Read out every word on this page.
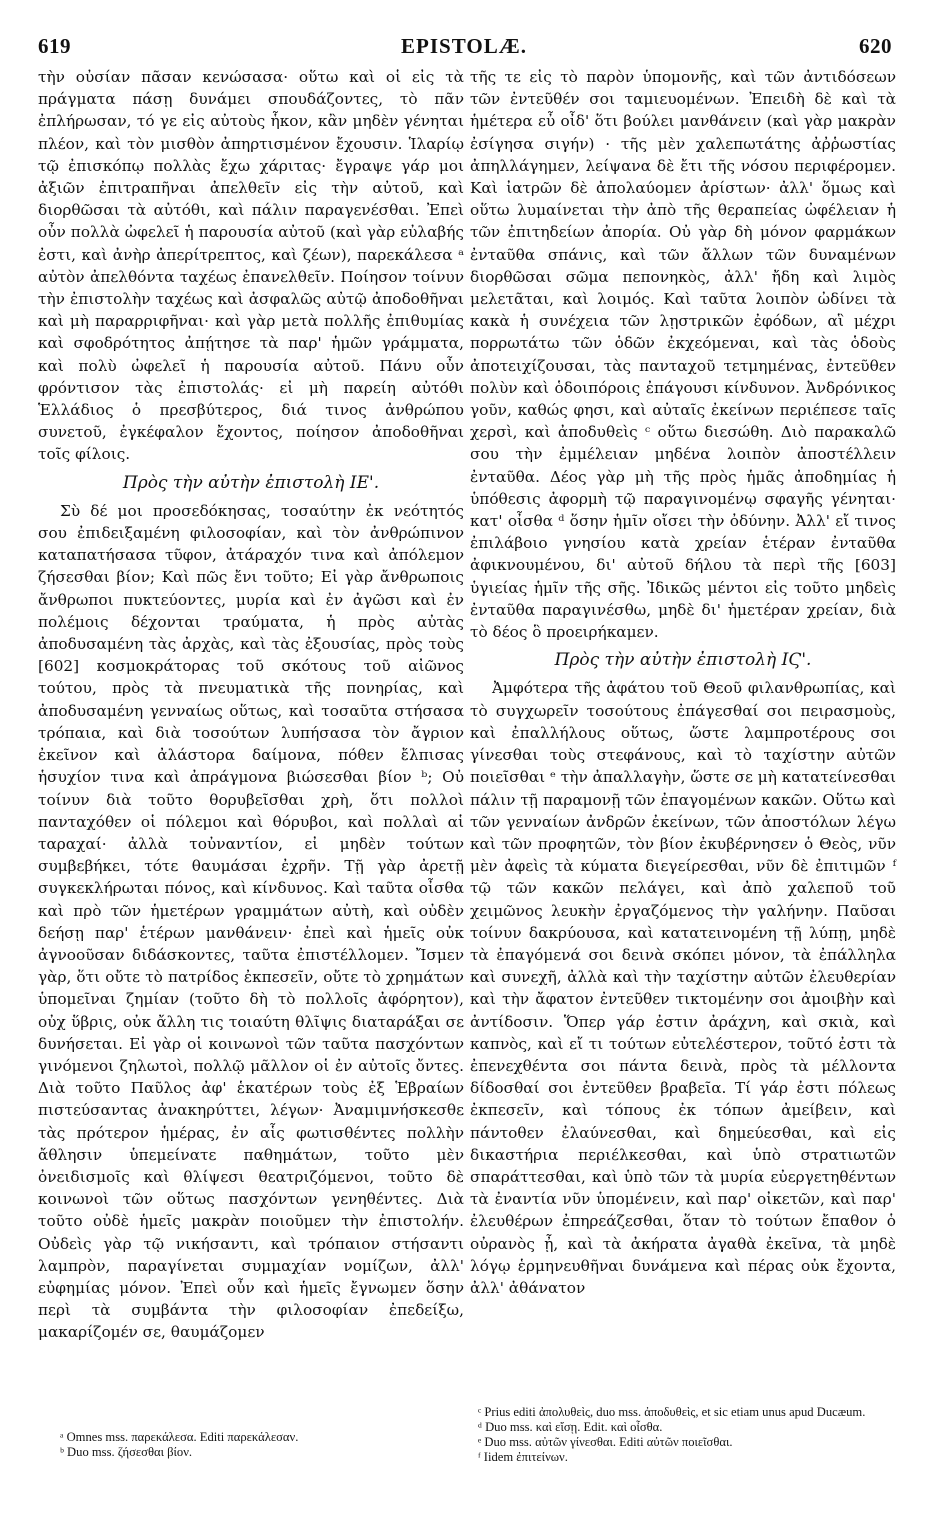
619	EPISTOLÆ.	620

τὴν οὐσίαν πᾶσαν κενώσασα· οὕτω καὶ οἱ εἰς τὰ πράγματα πάσῃ δυνάμει σπουδάζοντες, τὸ πᾶν ἐπλήρωσαν, τό γε εἰς αὐτοὺς ἧκον, κἂν μηδὲν γένηται πλέον, καὶ τὸν μισθὸν ἀπηρτισμένον ἔχουσιν. Ἱλαρίῳ τῷ ἐπισκόπῳ πολλὰς ἔχω χάριτας· ἔγραψε γάρ μοι ἀξιῶν ἐπιτραπῆναι ἀπελθεῖν εἰς τὴν αὐτοῦ, καὶ διορθῶσαι τὰ αὐτόθι, καὶ πάλιν παραγενέσθαι. Ἐπεὶ οὖν πολλὰ ὠφελεῖ ἡ παρουσία αὐτοῦ (καὶ γὰρ εὐλαβής ἐστι, καὶ ἀνὴρ ἀπερίτρεπτος, καὶ ζέων), παρεκάλεσα ᵃ αὐτὸν ἀπελθόντα ταχέως ἐπανελθεῖν. Ποίησον τοίνυν τὴν ἐπιστολὴν ταχέως καὶ ἀσφαλῶς αὐτῷ ἀποδοθῆναι καὶ μὴ παραρριφῆναι· καὶ γὰρ μετὰ πολλῆς ἐπιθυμίας καὶ σφοδρότητος ἀπῄτησε τὰ παρ' ἡμῶν γράμματα, καὶ πολὺ ὠφελεῖ ἡ παρουσία αὐτοῦ. Πάνυ οὖν φρόντισον τὰς ἐπιστολάς· εἰ μὴ παρείη αὐτόθι Ἑλλάδιος ὁ πρεσβύτερος, διά τινος ἀνθρώπου συνετοῦ, ἐγκέφαλον ἔχοντος, ποίησον ἀποδοθῆναι τοῖς φίλοις.

Πρὸς τὴν αὐτὴν ἐπιστολὴ ΙΕ'.

Σὺ δέ μοι προσεδόκησας, τοσαύτην ἐκ νεότητός σου ἐπιδειξαμένη φιλοσοφίαν, καὶ τὸν ἀνθρώπινον καταπατήσασα τῦφον, ἀτάραχόν τινα καὶ ἀπόλεμον ζήσεσθαι βίον; Καὶ πῶς ἔνι τοῦτο; Εἰ γὰρ ἄνθρωποις ἄνθρωποι πυκτεύοντες, μυρία καὶ ἐν ἀγῶσι καὶ ἐν πολέμοις δέχονται τραύματα, ἡ πρὸς αὐτὰς ἀποδυσαμένη τὰς ἀρχὰς, καὶ τὰς ἐξουσίας, πρὸς τοὺς [602] κοσμοκράτορας τοῦ σκότους τοῦ αἰῶνος τούτου, πρὸς τὰ πνευματικὰ τῆς πονηρίας, καὶ ἀποδυσαμένη γενναίως οὕτως, καὶ τοσαῦτα στήσασα τρόπαια, καὶ διὰ τοσούτων λυπήσασα τὸν ἄγριον ἐκεῖνον καὶ ἀλάστορα δαίμονα, πόθεν ἔλπισας ἡσυχίον τινα καὶ ἀπράγμονα βιώσεσθαι βίον ᵇ; Οὐ τοίνυν διὰ τοῦτο θορυβεῖσθαι χρὴ, ὅτι πολλοὶ πανταχόθεν οἱ πόλεμοι καὶ θόρυβοι, καὶ πολλαὶ αἱ ταραχαί· ἀλλὰ τοὐναντίον, εἰ μηδὲν τούτων συμβεβήκει, τότε θαυμάσαι ἐχρῆν. Τῇ γὰρ ἀρετῇ συγκεκλήρωται πόνος, καὶ κίνδυνος. Καὶ ταῦτα οἶσθα καὶ πρὸ τῶν ἡμετέρων γραμμάτων αὐτὴ, καὶ οὐδὲν δεήσῃ παρ' ἑτέρων μανθάνειν· ἐπεὶ καὶ ἡμεῖς οὐκ ἀγνοοῦσαν διδάσκοντες, ταῦτα ἐπιστέλλομεν. Ἴσμεν γὰρ, ὅτι οὔτε τὸ πατρίδος ἐκπεσεῖν, οὔτε τὸ χρημάτων ὑπομεῖναι ζημίαν (τοῦτο δὴ τὸ πολλοῖς ἀφόρητον), οὐχ ὕβρις, οὐκ ἄλλη τις τοιαύτη θλῖψις διαταράξαι σε δυνήσεται. Εἰ γὰρ οἱ κοινωνοὶ τῶν ταῦτα πασχόντων γινόμενοι ζηλωτοὶ, πολλῷ μᾶλλον οἱ ἐν αὐτοῖς ὄντες. Διὰ τοῦτο Παῦλος ἀφ' ἑκατέρων τοὺς ἐξ Ἑβραίων πιστεύσαντας ἀνακηρύττει, λέγων· Ἀναμιμνήσκεσθε τὰς πρότερον ἡμέρας, ἐν αἷς φωτισθέντες πολλὴν ἄθλησιν ὑπεμείνατε παθημάτων, τοῦτο μὲν ὀνειδισμοῖς καὶ θλίψεσι θεατριζόμενοι, τοῦτο δὲ κοινωνοὶ τῶν οὕτως πασχόντων γενηθέντες. Διὰ τοῦτο οὐδὲ ἡμεῖς μακρὰν ποιοῦμεν τὴν ἐπιστολήν. Οὐδεὶς γὰρ τῷ νικήσαντι, καὶ τρόπαιον στήσαντι λαμπρὸν, παραγίνεται συμμαχίαν νομίζων, ἀλλ' εὐφημίας μόνον. Ἐπεὶ οὖν καὶ ἡμεῖς ἔγνωμεν ὅσην περὶ τὰ συμβάντα τὴν φιλοσοφίαν ἐπεδείξω, μακαρίζομέν σε, θαυμάζομεν

τῆς τε εἰς τὸ παρὸν ὑπομονῆς, καὶ τῶν ἀντιδόσεων τῶν ἐντεῦθέν σοι ταμιευομένων. Ἐπειδὴ δὲ καὶ τὰ ἡμέτερα εὖ οἶδ' ὅτι βούλει μανθάνειν (καὶ γὰρ μακρὰν ἐσίγησα σιγήν) · τῆς μὲν χαλεπωτάτης ἀῤῥωστίας ἀπηλλάγημεν, λείψανα δὲ ἔτι τῆς νόσου περιφέρομεν. Καὶ ἰατρῶν δὲ ἀπολαύομεν ἀρίστων· ἀλλ' ὅμως καὶ οὕτω λυμαίνεται τὴν ἀπὸ τῆς θεραπείας ὠφέλειαν ἡ τῶν ἐπιτηδείων ἀπορία. Οὐ γὰρ δὴ μόνον φαρμάκων ἐνταῦθα σπάνις, καὶ τῶν ἄλλων τῶν δυναμένων διορθῶσαι σῶμα πεπονηκὸς, ἀλλ' ἤδη καὶ λιμὸς μελετᾶται, καὶ λοιμός. Καὶ ταῦτα λοιπὸν ὠδίνει τὰ κακὰ ἡ συνέχεια τῶν λῃστρικῶν ἐφόδων, αἳ μέχρι πορρωτάτω τῶν ὁδῶν ἐκχεόμεναι, καὶ τὰς ὁδοὺς ἀποτειχίζουσαι, τὰς πανταχοῦ τετμημένας, ἐντεῦθεν πολὺν καὶ ὁδοιπόροις ἐπάγουσι κίνδυνον. Ἀνδρόνικος γοῦν, καθώς φησι, καὶ αὐταῖς ἐκείνων περιέπεσε ταῖς χερσὶ, καὶ ἀποδυθεὶς ᶜ οὕτω διεσώθη. Διὸ παρακαλῶ σου τὴν ἐμμέλειαν μηδένα λοιπὸν ἀποστέλλειν ἐνταῦθα. Δέος γὰρ μὴ τῆς πρὸς ἡμᾶς ἀποδημίας ἡ ὑπόθεσις ἀφορμὴ τῷ παραγινομένῳ σφαγῆς γένηται· κατ' οἶσθα ᵈ ὅσην ἡμῖν οἴσει τὴν ὀδύνην. Ἀλλ' εἴ τινος ἐπιλάβοιο γνησίου κατὰ χρείαν ἑτέραν ἐνταῦθα ἀφικνουμένου, δι' αὐτοῦ δήλου τὰ περὶ τῆς [603] ὑγιείας ἡμῖν τῆς σῆς. Ἰδικῶς μέντοι εἰς τοῦτο μηδεὶς ἐνταῦθα παραγινέσθω, μηδὲ δι' ἡμετέραν χρείαν, διὰ τὸ δέος ὃ προειρήκαμεν.

Πρὸς τὴν αὐτὴν ἐπιστολὴ ΙϚ'.

Ἀμφότερα τῆς ἀφάτου τοῦ Θεοῦ φιλανθρωπίας, καὶ τὸ συγχωρεῖν τοσούτους ἐπάγεσθαί σοι πειρασμοὺς, καὶ ἐπαλλήλους οὕτως, ὥστε λαμπροτέρους σοι γίνεσθαι τοὺς στεφάνους, καὶ τὸ ταχίστην αὐτῶν ποιεῖσθαι ᵉ τὴν ἀπαλλαγὴν, ὥστε σε μὴ κατατείνεσθαι πάλιν τῇ παραμονῇ τῶν ἐπαγομένων κακῶν. Οὕτω καὶ τῶν γενναίων ἀνδρῶν ἐκείνων, τῶν ἀποστόλων λέγω καὶ τῶν προφητῶν, τὸν βίον ἐκυβέρνησεν ὁ Θεὸς, νῦν μὲν ἀφεὶς τὰ κύματα διεγείρεσθαι, νῦν δὲ ἐπιτιμῶν ᶠ τῷ τῶν κακῶν πελάγει, καὶ ἀπὸ χαλεποῦ τοῦ χειμῶνος λευκὴν ἐργαζόμενος τὴν γαλήνην. Παῦσαι τοίνυν δακρύουσα, καὶ κατατεινομένη τῇ λύπῃ, μηδὲ τὰ ἐπαγόμενά σοι δεινὰ σκόπει μόνον, τὰ ἐπάλληλα καὶ συνεχῆ, ἀλλὰ καὶ τὴν ταχίστην αὐτῶν ἐλευθερίαν καὶ τὴν ἄφατον ἐντεῦθεν τικτομένην σοι ἀμοιβὴν καὶ ἀντίδοσιν. Ὅπερ γάρ ἐστιν ἀράχνη, καὶ σκιὰ, καὶ καπνὸς, καὶ εἴ τι τούτων εὐτελέστερον, τοῦτό ἐστι τὰ ἐπενεχθέντα σοι πάντα δεινὰ, πρὸς τὰ μέλλοντα δίδοσθαί σοι ἐντεῦθεν βραβεῖα. Τί γάρ ἐστι πόλεως ἐκπεσεῖν, καὶ τόπους ἐκ τόπων ἀμείβειν, καὶ πάντοθεν ἐλαύνεσθαι, καὶ δημεύεσθαι, καὶ εἰς δικαστήρια περιέλκεσθαι, καὶ ὑπὸ στρατιωτῶν σπαράττεσθαι, καὶ ὑπὸ τῶν τὰ μυρία εὐεργετηθέντων τὰ ἐναντία νῦν ὑπομένειν, καὶ παρ' οἰκετῶν, καὶ παρ' ἐλευθέρων ἐπηρεάζεσθαι, ὅταν τὸ τούτων ἔπαθον ὁ οὐρανὸς ᾖ, καὶ τὰ ἀκήρατα ἀγαθὰ ἐκεῖνα, τὰ μηδὲ λόγῳ ἑρμηνευθῆναι δυνάμενα καὶ πέρας οὐκ ἔχοντα, ἀλλ' ἀθάνατον

ᵃ Omnes mss. παρεκάλεσα. Editi παρεκάλεσαν.
ᵇ Duo mss. ζήσεσθαι βίον.
ᶜ Prius editi ἀπολυθεὶς, duo mss. ἀποδυθεὶς, et sic etiam unus apud Ducæum.
ᵈ Duo mss. καὶ εἴσῃ. Edit. καὶ οἶσθα.
ᵉ Duo mss. αὐτῶν γίνεσθαι. Editi αὐτῶν ποιεῖσθαι.
ᶠ Iidem ἐπιτείνων.
